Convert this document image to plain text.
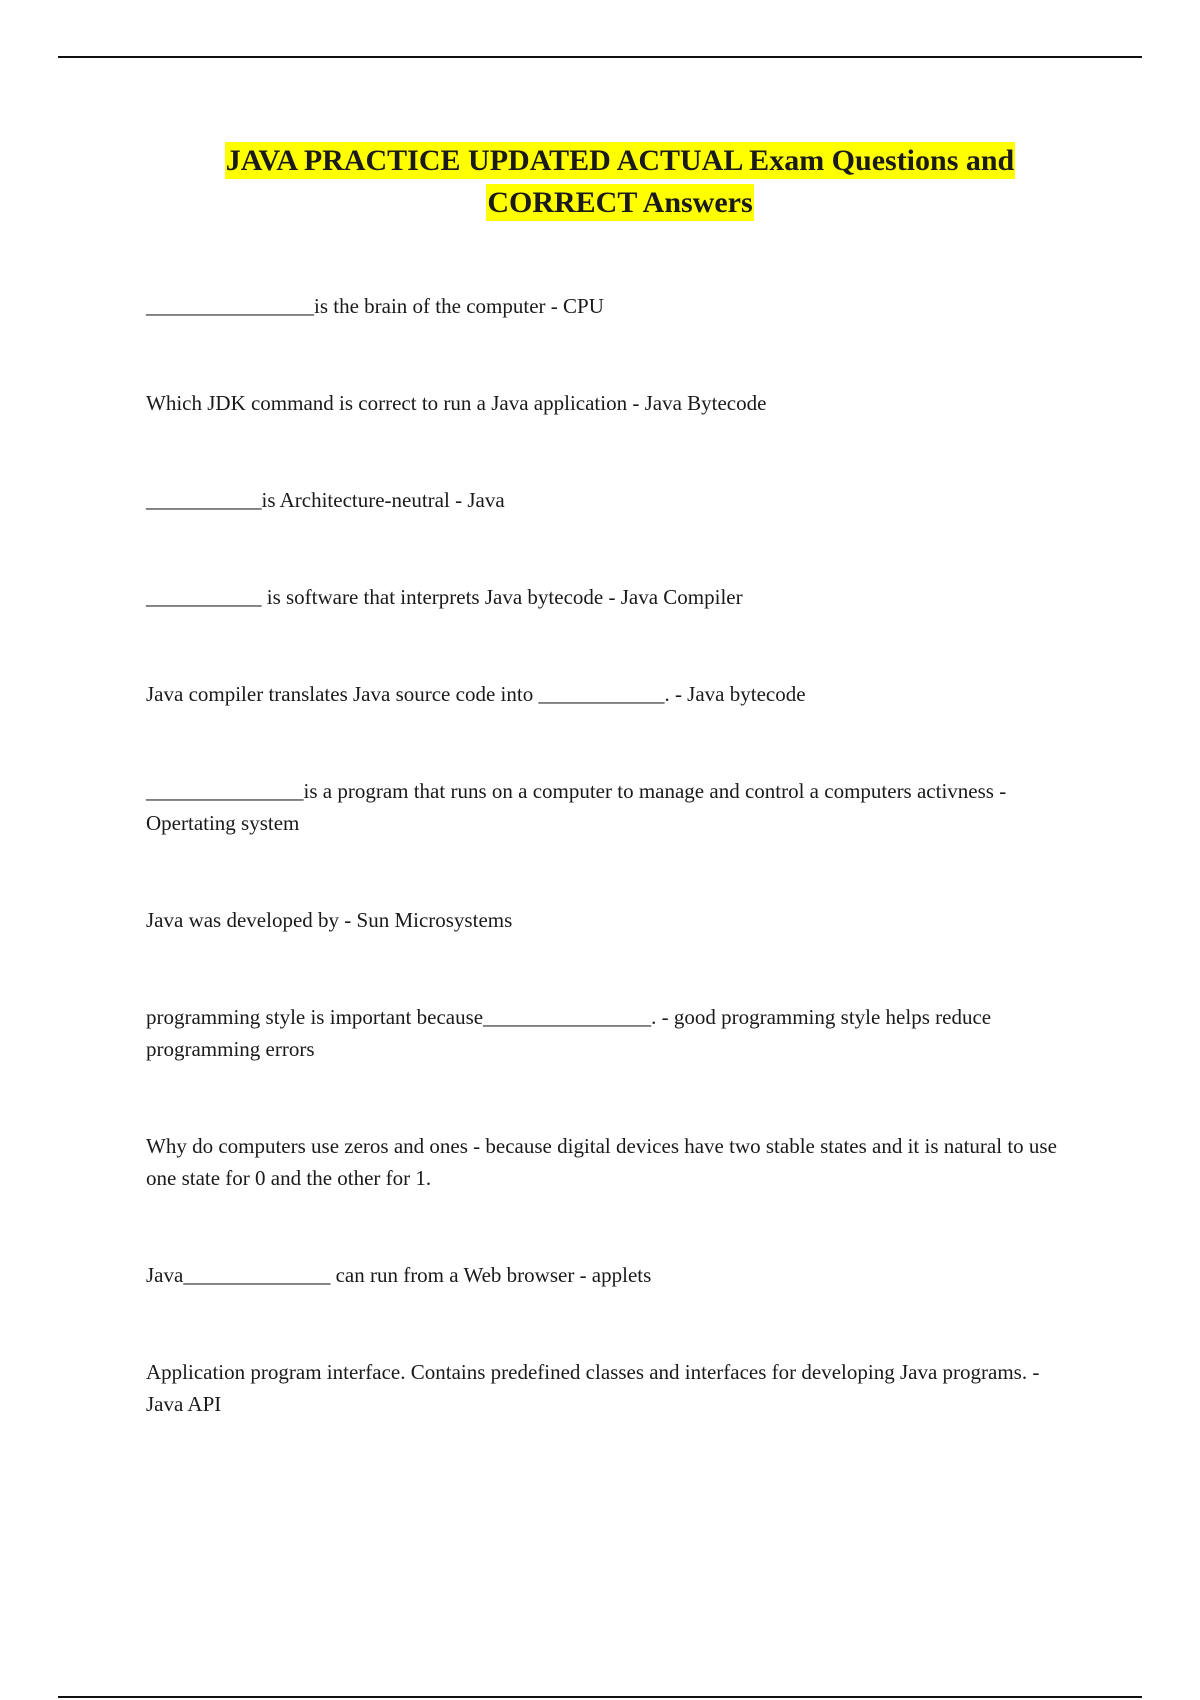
JAVA PRACTICE UPDATED ACTUAL Exam Questions and
CORRECT Answers
________________is the brain of the computer - CPU
Which JDK command is correct to run a Java application - Java Bytecode
___________is Architecture-neutral - Java
___________ is software that interprets Java bytecode - Java Compiler
Java compiler translates Java source code into ____________. - Java bytecode
_______________is a program that runs on a computer to manage and control a computers activness - Opertating system
Java was developed by - Sun Microsystems
programming style is important because________________. - good programming style helps reduce programming errors
Why do computers use zeros and ones - because digital devices have two stable states and it is natural to use one state for 0 and the other for 1.
Java______________ can run from a Web browser - applets
Application program interface. Contains predefined classes and interfaces for developing Java programs. - Java API
